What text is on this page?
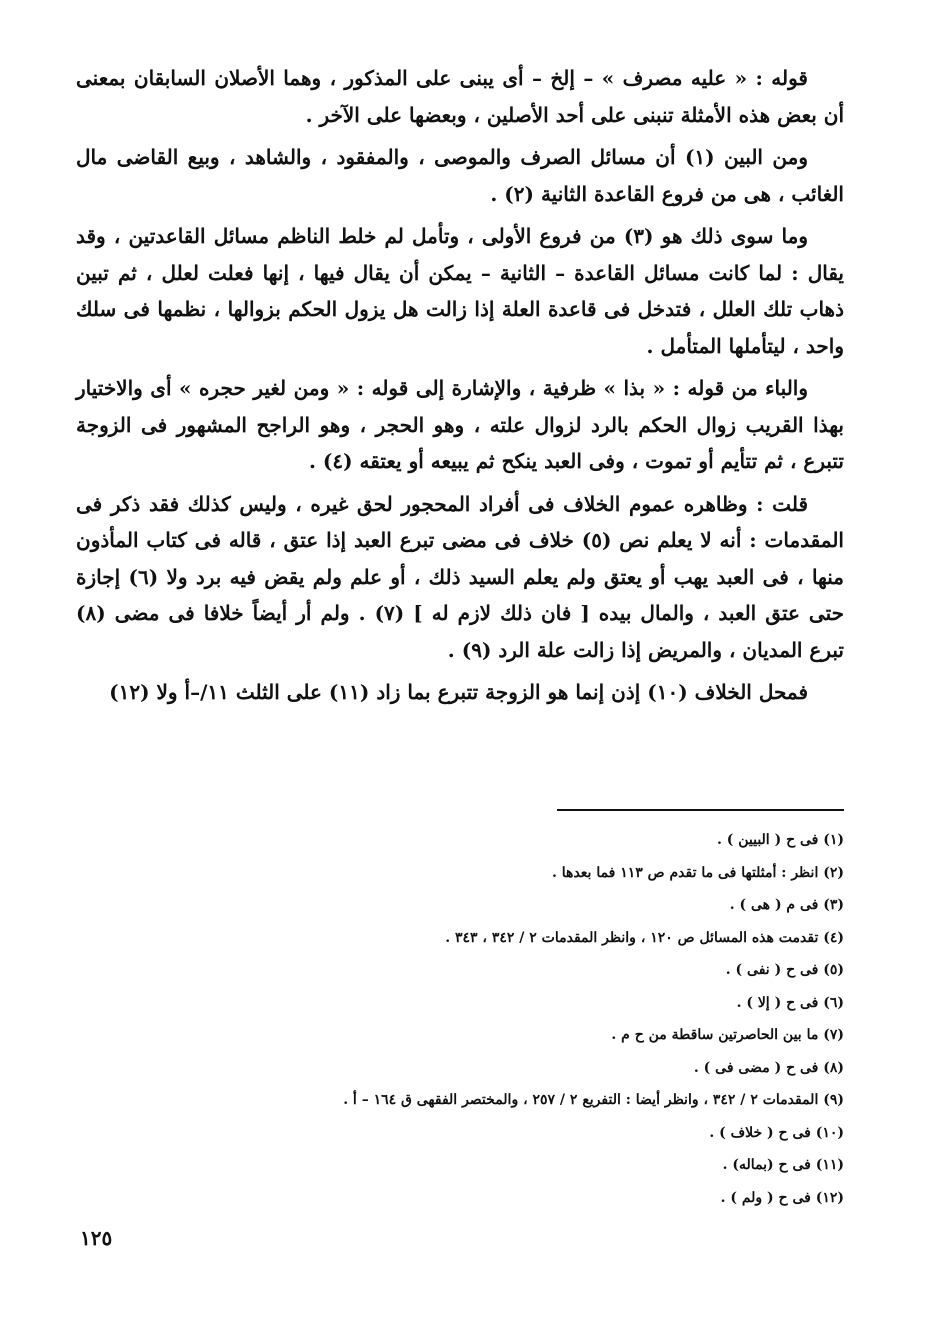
قوله : « عليه مصرف » – إلخ – أى يبنى على المذكور ، وهما الأصلان السابقان بمعنى أن بعض هذه الأمثلة تنبنى على أحد الأصلين ، وبعضها على الآخر .

ومن البين (١) أن مسائل الصرف والموصى ، والمفقود ، والشاهد ، وبيع القاضى مال الغائب ، هى من فروع القاعدة الثانية (٢) .

وما سوى ذلك هو (٣) من فروع الأولى ، وتأمل لم خلط الناظم مسائل القاعدتين ، وقد يقال : لما كانت مسائل القاعدة – الثانية – يمكن أن يقال فيها ، إنها فعلت لعلل ، ثم تبين ذهاب تلك العلل ، فتدخل فى قاعدة العلة إذا زالت هل يزول الحكم بزوالها ، نظمها فى سلك واحد ، ليتأملها المتأمل .

والباء من قوله : « بذا » ظرفية ، والإشارة إلى قوله : « ومن لغير حجره » أى والاختيار بهذا القريب زوال الحكم بالرد لزوال علته ، وهو الحجر ، وهو الراجح المشهور فى الزوجة تتبرع ، ثم تتأيم أو تموت ، وفى العبد ينكح ثم يبيعه أو يعتقه (٤) .

قلت : وظاهره عموم الخلاف فى أفراد المحجور لحق غيره ، وليس كذلك فقد ذكر فى المقدمات : أنه لا يعلم نص (٥) خلاف فى مضى تبرع العبد إذا عتق ، قاله فى كتاب المأذون منها ، فى العبد يهب أو يعتق ولم يعلم السيد ذلك ، أو علم ولم يقض فيه برد ولا (٦) إجازة حتى عتق العبد ، والمال بيده [ فان ذلك لازم له ] (٧) . ولم أر أيضاً خلافا فى مضى (٨) تبرع المديان ، والمريض إذا زالت علة الرد (٩) .

فمحل الخلاف (١٠) إذن إنما هو الزوجة تتبرع بما زاد (١١) على الثلث ١١/–أ ولا (١٢)

(١) فى ح ( البيين ) .
(٢) انظر : أمثلتها فى ما تقدم ص ١١٣ فما بعدها .
(٣) فى م ( هى ) .
(٤) تقدمت هذه المسائل ص ١٢٠ ، وانظر المقدمات ٢ / ٣٤٢ ، ٣٤٣ .
(٥) فى ح ( نفى ) .
(٦) فى ح ( إلا ) .
(٧) ما بين الحاصرتين ساقطة من ح م .
(٨) فى ح ( مضى فى ) .
(٩) المقدمات ٢ / ٣٤٢ ، وانظر أيضا : التفريع ٢ / ٢٥٧ ، والمختصر الفقهى ق ١٦٤ – أ .
(١٠) فى ح ( خلاف ) .
(١١) فى ح (بماله) .
(١٢) فى ح ( ولم ) .
١٢٥
